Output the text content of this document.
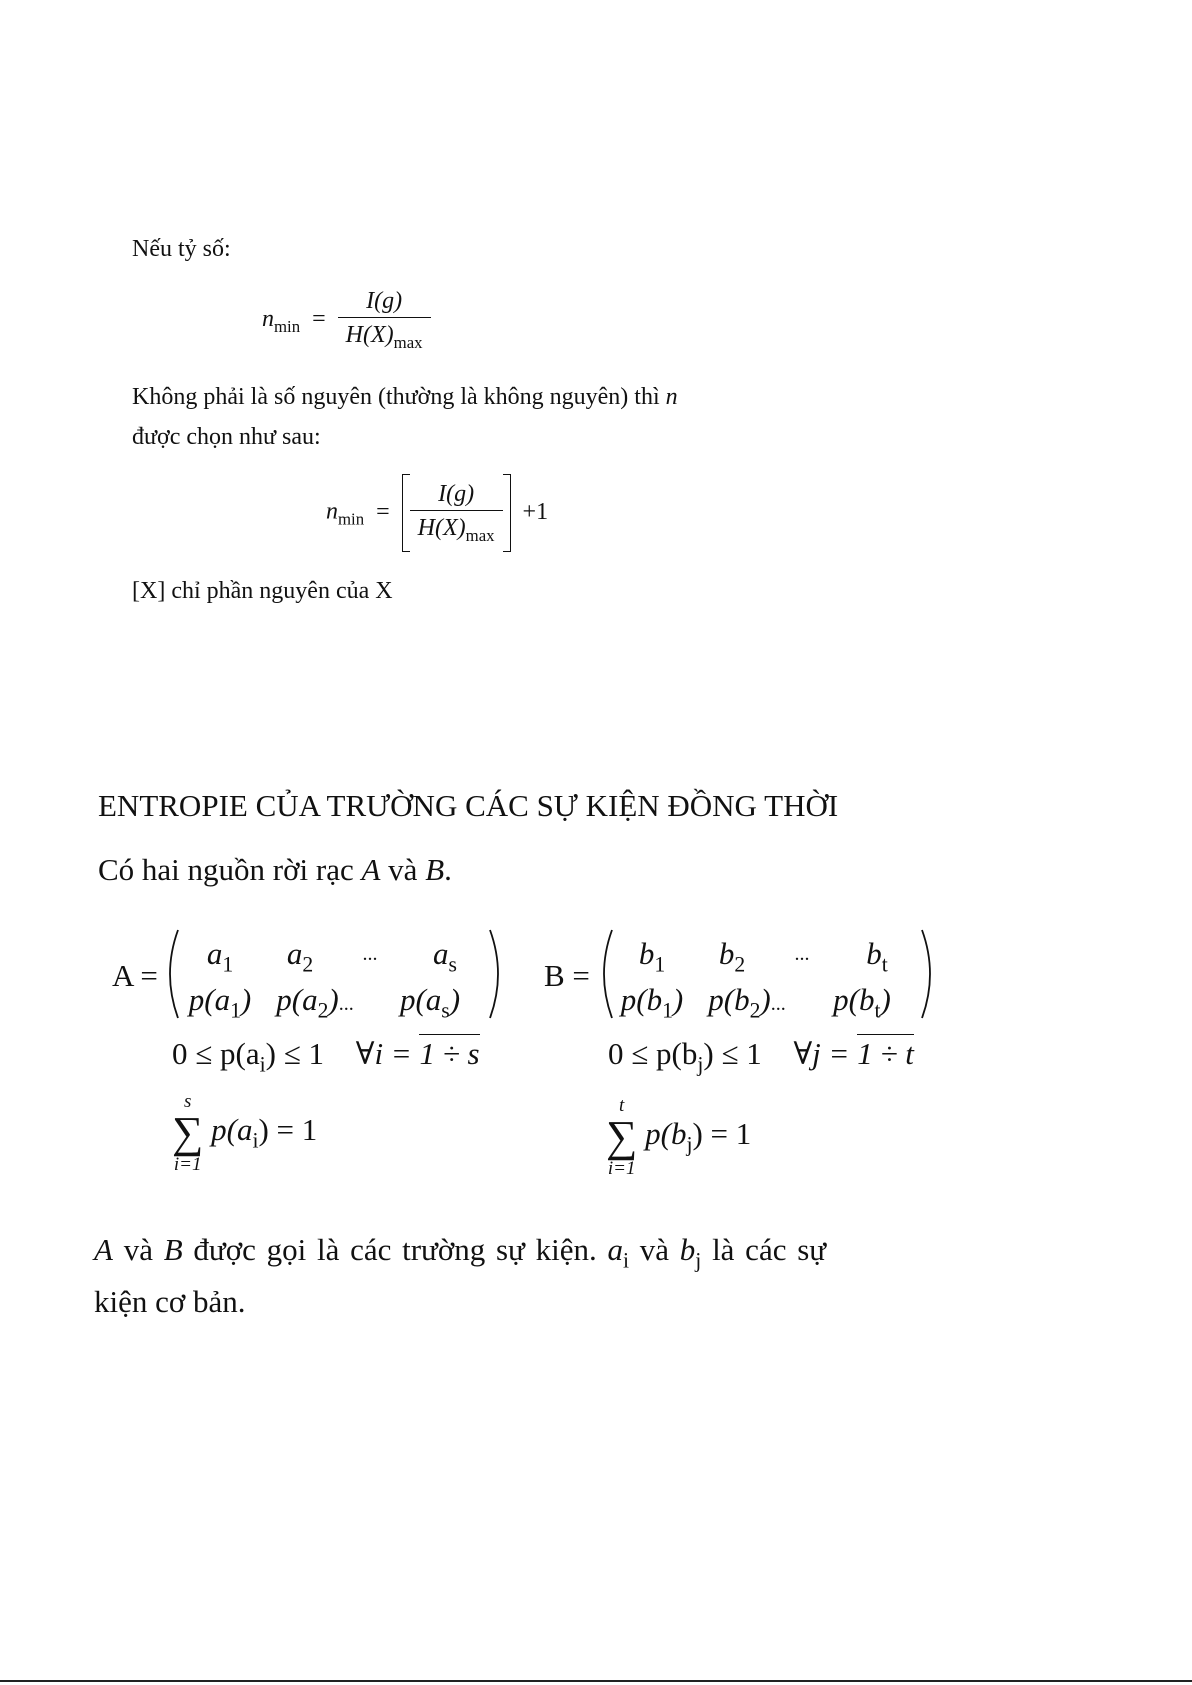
Nếu tỷ số:
$n_{min} = \frac{I(g)}{H(X)_{max}}$
Không phải là số nguyên (thường là không nguyên) thì n
được chọn như sau:
$n_{min} = \frac{I(g)}{H(X)_{max}} +1$
[X] chỉ phần nguyên của X
ENTROPIE CỦA TRƯỜNG CÁC SỰ KIỆN ĐỒNG THỜI
Có hai nguồn rời rạc A và B.
A =
$a_1$	$a_2$	...	$a_s$
$p(a_1)$ $p(a_2)$...	$p(a_s)$
B =
$b_1$	$b_2$	...	$b_t$
$p(b_1)$ $p(b_2)$...	$p(b_t)$
$0 \le p(a_i) \le 1$ ∀i = 1 ÷ s	$0 \le p(b_j) \le 1$ ∀j = 1 ÷ t
s
∑
i=1
$p(a_i) = 1$
t
∑
i=1
$p(b_j) = 1$
A và B được gọi là các trường sự kiện. $a_i$ và $b_j$ là các sự
kiện cơ bản.
